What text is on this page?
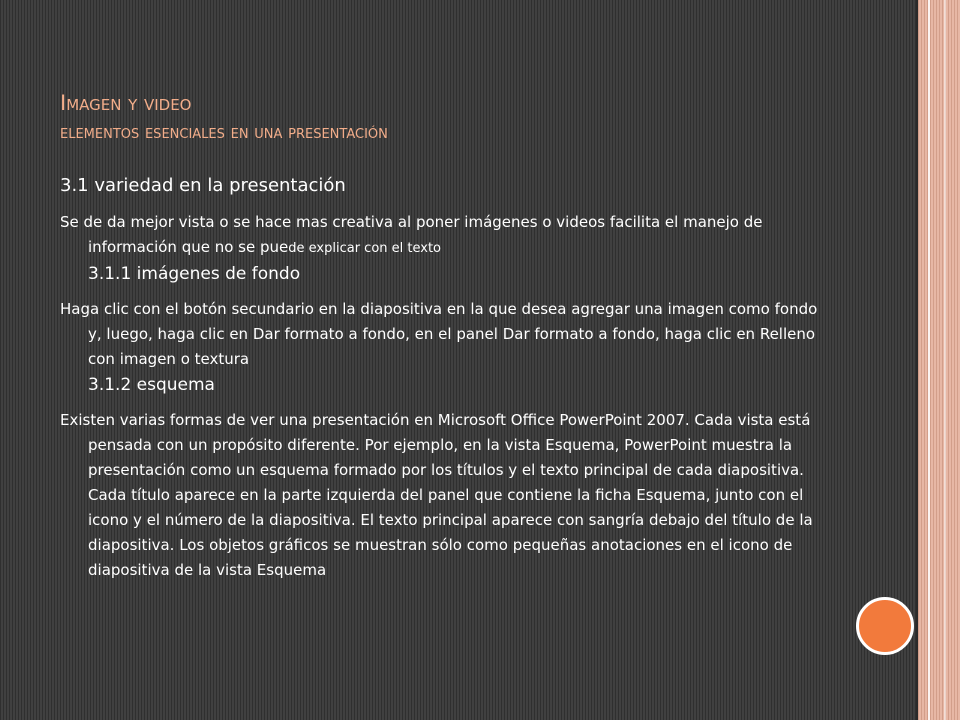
Imagen y video
elementos esenciales en una presentación
3.1 variedad en la presentación

Se de da mejor vista o se hace mas creativa al poner imágenes o videos facilita el manejo de información que no se puede explicar con el texto

3.1.1 imágenes de fondo

Haga clic con el botón secundario en la diapositiva en la que desea agregar una imagen como fondo y, luego, haga clic en Dar formato a fondo, en el panel Dar formato a fondo, haga clic en Relleno con imagen o textura

3.1.2 esquema

Existen varias formas de ver una presentación en Microsoft Office PowerPoint 2007. Cada vista está pensada con un propósito diferente. Por ejemplo, en la vista Esquema, PowerPoint muestra la presentación como un esquema formado por los títulos y el texto principal de cada diapositiva. Cada título aparece en la parte izquierda del panel que contiene la ficha Esquema, junto con el icono y el número de la diapositiva. El texto principal aparece con sangría debajo del título de la diapositiva. Los objetos gráficos se muestran sólo como pequeñas anotaciones en el icono de diapositiva de la vista Esquema
